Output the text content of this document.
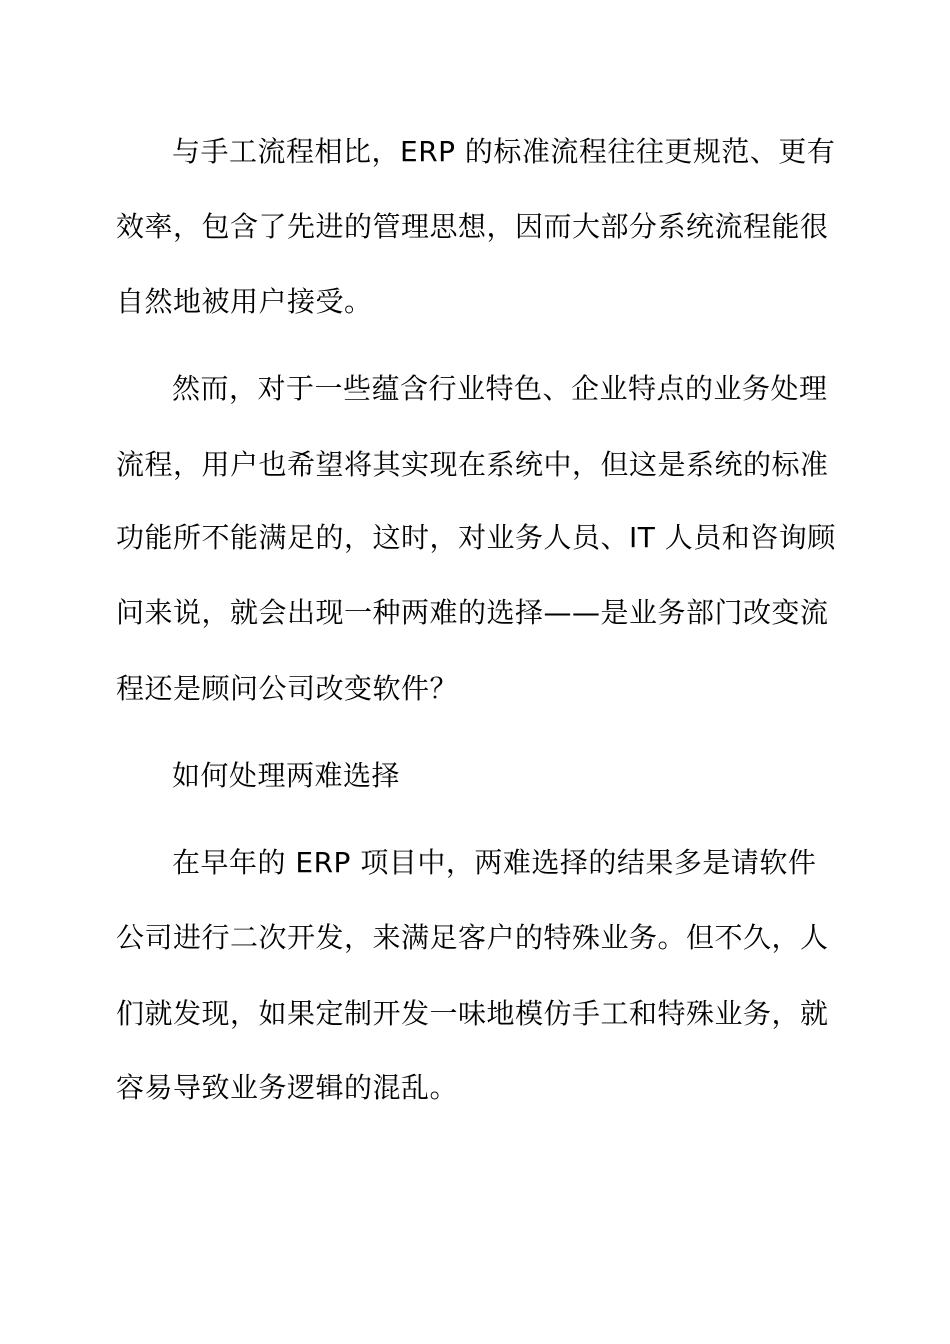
与手工流程相比，ERP 的标准流程往往更规范、更有
效率，包含了先进的管理思想，因而大部分系统流程能很
自然地被用户接受。
然而，对于一些蕴含行业特色、企业特点的业务处理
流程，用户也希望将其实现在系统中，但这是系统的标准
功能所不能满足的，这时，对业务人员、IT 人员和咨询顾
问来说，就会出现一种两难的选择——是业务部门改变流
程还是顾问公司改变软件？
如何处理两难选择
在早年的 ERP 项目中，两难选择的结果多是请软件
公司进行二次开发，来满足客户的特殊业务。但不久，人
们就发现，如果定制开发一味地模仿手工和特殊业务，就
容易导致业务逻辑的混乱。
